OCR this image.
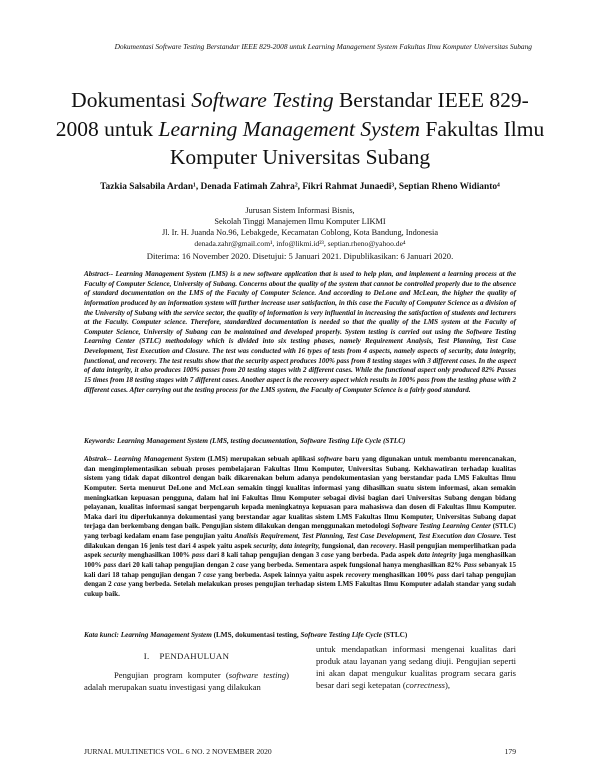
Dokumentasi Software Testing Berstandar IEEE 829-2008 untuk Learning Management System Fakultas Ilmu Komputer Universitas Subang
Dokumentasi Software Testing Berstandar IEEE 829-2008 untuk Learning Management System Fakultas Ilmu Komputer Universitas Subang
Tazkia Salsabila Ardan¹, Denada Fatimah Zahra², Fikri Rahmat Junaedi³, Septian Rheno Widianto⁴
Jurusan Sistem Informasi Bisnis,
Sekolah Tinggi Manajemen Ilmu Komputer LIKMI
Jl. Ir. H. Juanda No.96, Lebakgede, Kecamatan Coblong, Kota Bandung, Indonesia
denada.zahr@gmail.com¹, info@likmi.id²³, septian.rheno@yahoo.de⁴
Diterima: 16 November 2020. Disetujui: 5 Januari 2021. Dipublikasikan: 6 Januari 2020.

Abstract-- Learning Management System (LMS) is a new software application that is used to help plan, and implement a learning process at the Faculty of Computer Science, University of Subang. Concerns about the quality of the system that cannot be controlled properly due to the absence of standard documentation on the LMS of the Faculty of Computer Science. And according to DeLone and McLean, the higher the quality of information produced by an information system will further increase user satisfaction, in this case the Faculty of Computer Science as a division of the University of Subang with the service sector, the quality of information is very influential in increasing the satisfaction of students and lecturers at the Faculty. Computer science. Therefore, standardized documentation is needed so that the quality of the LMS system at the Faculty of Computer Science, University of Subang can be maintained and developed properly. System testing is carried out using the Software Testing Learning Center (STLC) methodology which is divided into six testing phases, namely Requirement Analysis, Test Planning, Test Case Development, Test Execution and Closure. The test was conducted with 16 types of tests from 4 aspects, namely aspects of security, data integrity, functional, and recovery. The test results show that the security aspect produces 100% pass from 8 testing stages with 3 different cases. In the aspect of data integrity, it also produces 100% passes from 20 testing stages with 2 different cases. While the functional aspect only produced 82% Passes 15 times from 18 testing stages with 7 different cases. Another aspect is the recovery aspect which results in 100% pass from the testing phase with 2 different cases. After carrying out the testing process for the LMS system, the Faculty of Computer Science is a fairly good standard.

Keywords: Learning Management System (LMS, testing documentation, Software Testing Life Cycle (STLC)

Abstrak-- Learning Management System (LMS) merupakan sebuah aplikasi software baru yang digunakan untuk membantu merencanakan, dan mengimplementasikan sebuah proses pembelajaran Fakultas Ilmu Komputer, Universitas Subang. Kekhawatiran terhadap kualitas sistem yang tidak dapat dikontrol dengan baik dikarenakan belum adanya pendokumentasian yang berstandar pada LMS Fakultas Ilmu Komputer. Serta menurut DeLone and McLean semakin tinggi kualitas informasi yang dihasilkan suatu sistem informasi, akan semakin meningkatkan kepuasan pengguna, dalam hal ini Fakultas Ilmu Komputer sebagai divisi bagian dari Universitas Subang dengan bidang pelayanan, kualitas informasi sangat berpengaruh kepada meningkatnya kepuasan para mahasiswa dan dosen di Fakultas Ilmu Komputer. Maka dari itu diperlukannya dokumentasi yang berstandar agar kualitas sistem LMS Fakultas Ilmu Komputer, Universitas Subang dapat terjaga dan berkembang dengan baik. Pengujian sistem dilakukan dengan menggunakan metodologi Software Testing Learning Center (STLC) yang terbagi kedalam enam fase pengujian yaitu Analisis Requirement, Test Planning, Test Case Development, Test Execution dan Closure. Test dilakukan dengan 16 jenis test dari 4 aspek yaitu aspek security, data integrity, fungsional, dan recovery. Hasil pengujian memperlihatkan pada aspek security menghasilkan 100% pass dari 8 kali tahap pengujian dengan 3 case yang berbeda. Pada aspek data integrity juga menghasilkan 100% pass dari 20 kali tahap pengujian dengan 2 case yang berbeda. Sementara aspek fungsional hanya menghasilkan 82% Pass sebanyak 15 kali dari 18 tahap pengujian dengan 7 case yang berbeda. Aspek lainnya yaitu aspek recovery menghasilkan 100% pass dari tahap pengujian dengan 2 case yang berbeda. Setelah melakukan proses pengujian terhadap sistem LMS Fakultas Ilmu Komputer adalah standar yang sudah cukup baik.

Kata kunci: Learning Management System (LMS, dokumentasi testing, Software Testing Life Cycle (STLC)
I.    PENDAHULUAN

Pengujian program komputer (software testing) adalah merupakan suatu investigasi yang dilakukan

untuk mendapatkan informasi mengenai kualitas dari produk atau layanan yang sedang diuji. Pengujian seperti ini akan dapat mengukur kualitas program secara garis besar dari segi ketepatan (correctness),

JURNAL MULTINETICS VOL. 6 NO. 2 NOVEMBER 2020	179
